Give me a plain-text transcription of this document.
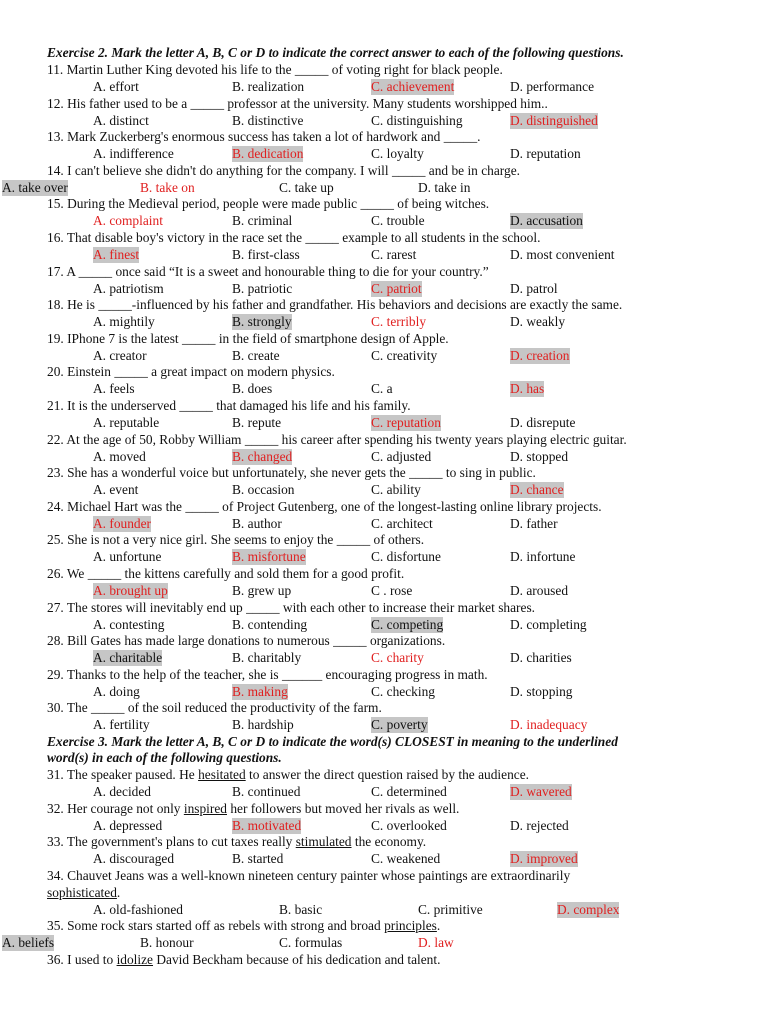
Exercise 2. Mark the letter A, B, C or D to indicate the correct answer to each of the following questions.
11. Martin Luther King devoted his life to the _____ of voting right for black people.
A. effort	B. realization	C. achievement	D. performance
12. His father used to be a _____ professor at the university. Many students worshipped him..
A. distinct	B. distinctive	C. distinguishing	D. distinguished
13. Mark Zuckerberg's enormous success has taken a lot of hardwork and _____.
A. indifference	B. dedication	C. loyalty	D. reputation
14. I can't believe she didn't do anything for the company. I will _____ and be in charge.
A. take over	B. take on	C. take up	D. take in
15. During the Medieval period, people were made public _____ of being witches.
A. complaint	B. criminal	C. trouble	D. accusation
16. That disable boy's victory in the race set the _____ example to all students in the school.
A. finest	B. first-class	C. rarest	D. most convenient
17. A _____ once said “It is a sweet and honourable thing to die for your country.”
A. patriotism	B. patriotic	C. patriot	D. patrol
18. He is _____-influenced by his father and grandfather. His behaviors and decisions are exactly the same.
A. mightily	B. strongly	C. terribly	D. weakly
19. IPhone 7 is the latest _____ in the field of smartphone design of Apple.
A. creator	B. create	C. creativity	D. creation
20. Einstein _____ a great impact on modern physics.
A. feels	B. does	C. a	D. has
21. It is the underserved _____ that damaged his life and his family.
A. reputable	B. repute	C. reputation	D. disrepute
22. At the age of 50, Robby William _____ his career after spending his twenty years playing electric guitar.
A. moved	B. changed	C. adjusted	D. stopped
23. She has a wonderful voice but unfortunately, she never gets the _____ to sing in public.
A. event	B. occasion	C. ability	D. chance
24. Michael Hart was the _____ of Project Gutenberg, one of the longest-lasting online library projects.
A. founder	B. author	C. architect	D. father
25. She is not a very nice girl. She seems to enjoy the _____ of others.
A. unfortune	B. misfortune	C. disfortune	D. infortune
26. We _____ the kittens carefully and sold them for a good profit.
A. brought up	B. grew up	C . rose	D. aroused
27. The stores will inevitably end up _____ with each other to increase their market shares.
A. contesting	B. contending	C. competing	D. completing
28. Bill Gates has made large donations to numerous _____ organizations.
A. charitable	B. charitably	C. charity	D. charities
29. Thanks to the help of the teacher, she is ______ encouraging progress in math.
A. doing	B. making	C. checking	D. stopping
30. The _____ of the soil reduced the productivity of the farm.
A. fertility	B. hardship	C. poverty	D. inadequacy
Exercise 3. Mark the letter A, B, C or D to indicate the word(s) CLOSEST in meaning to the underlined
word(s) in each of the following questions.
31. The speaker paused. He hesitated to answer the direct question raised by the audience.
A. decided	B. continued	C. determined	D. wavered
32. Her courage not only inspired her followers but moved her rivals as well.
A. depressed	B. motivated	C. overlooked	D. rejected
33. The government's plans to cut taxes really stimulated the economy.
A. discouraged	B. started	C. weakened	D. improved
34. Chauvet Jeans was a well-known nineteen century painter whose paintings are extraordinarily
sophisticated.
A. old-fashioned	B. basic	C. primitive	D. complex
35. Some rock stars started off as rebels with strong and broad principles.
A. beliefs	B. honour	C. formulas	D. law
36. I used to idolize David Beckham because of his dedication and talent.
